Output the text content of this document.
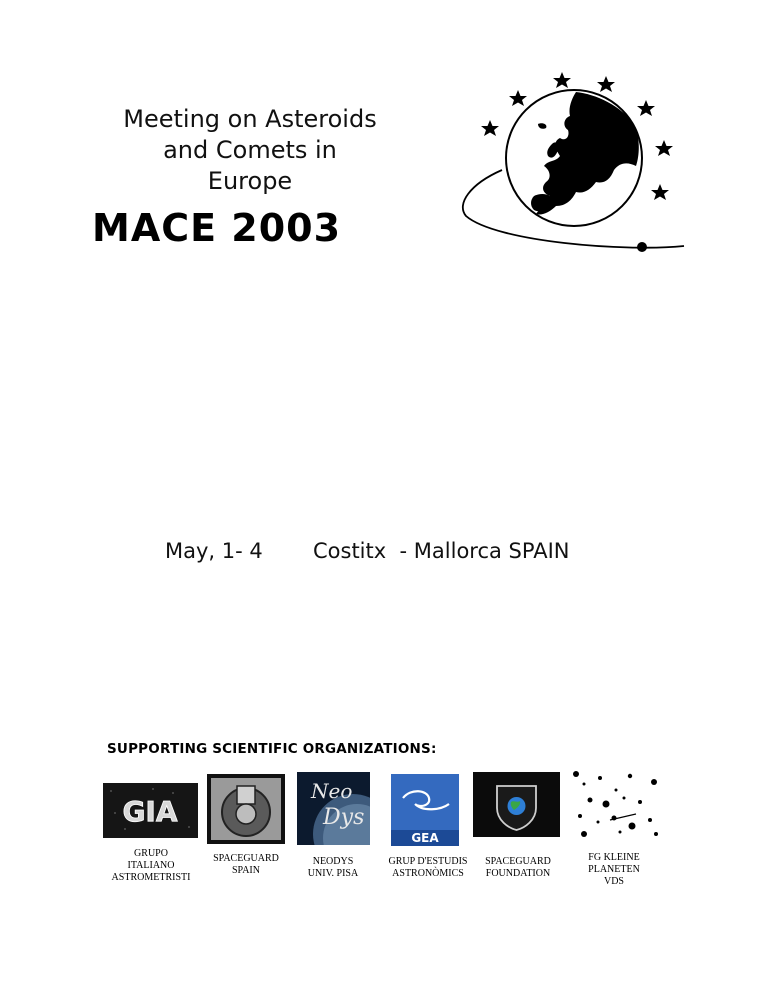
Meeting on Asteroids
and Comets in
Europe
MACE 2003
May, 1- 4 Costitx  - Mallorca SPAIN
SUPPORTING SCIENTIFIC ORGANIZATIONS:
GIA
Neo
Dys
GEA
GRUPO
ITALIANO
ASTROMETRISTI
SPACEGUARD
SPAIN
NEODYS
UNIV. PISA
GRUP D'ESTUDIS
ASTRONÒMICS
SPACEGUARD
FOUNDATION
FG KLEINE
PLANETEN
VDS
